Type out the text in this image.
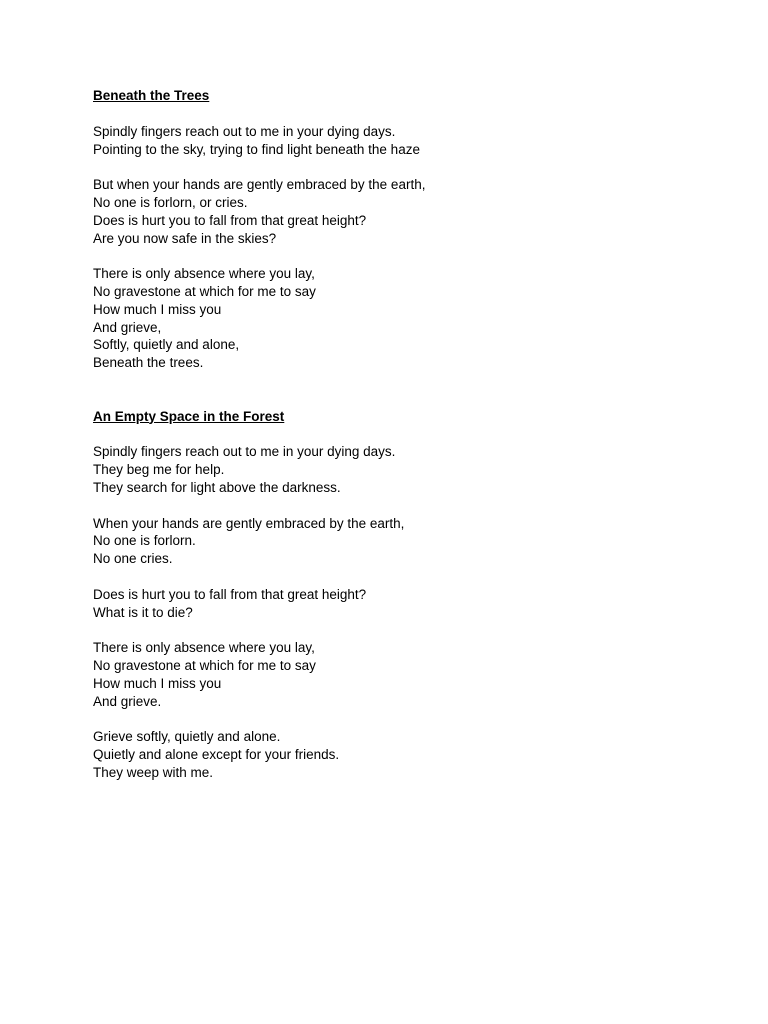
Beneath the Trees
Spindly fingers reach out to me in your dying days.
Pointing to the sky, trying to find light beneath the haze
But when your hands are gently embraced by the earth,
No one is forlorn, or cries.
Does is hurt you to fall from that great height?
Are you now safe in the skies?
There is only absence where you lay,
No gravestone at which for me to say
How much I miss you
And grieve,
Softly, quietly and alone,
Beneath the trees.
An Empty Space in the Forest
Spindly fingers reach out to me in your dying days.
They beg me for help.
They search for light above the darkness.
When your hands are gently embraced by the earth,
No one is forlorn.
No one cries.
Does is hurt you to fall from that great height?
What is it to die?
There is only absence where you lay,
No gravestone at which for me to say
How much I miss you
And grieve.
Grieve softly, quietly and alone.
Quietly and alone except for your friends.
They weep with me.
